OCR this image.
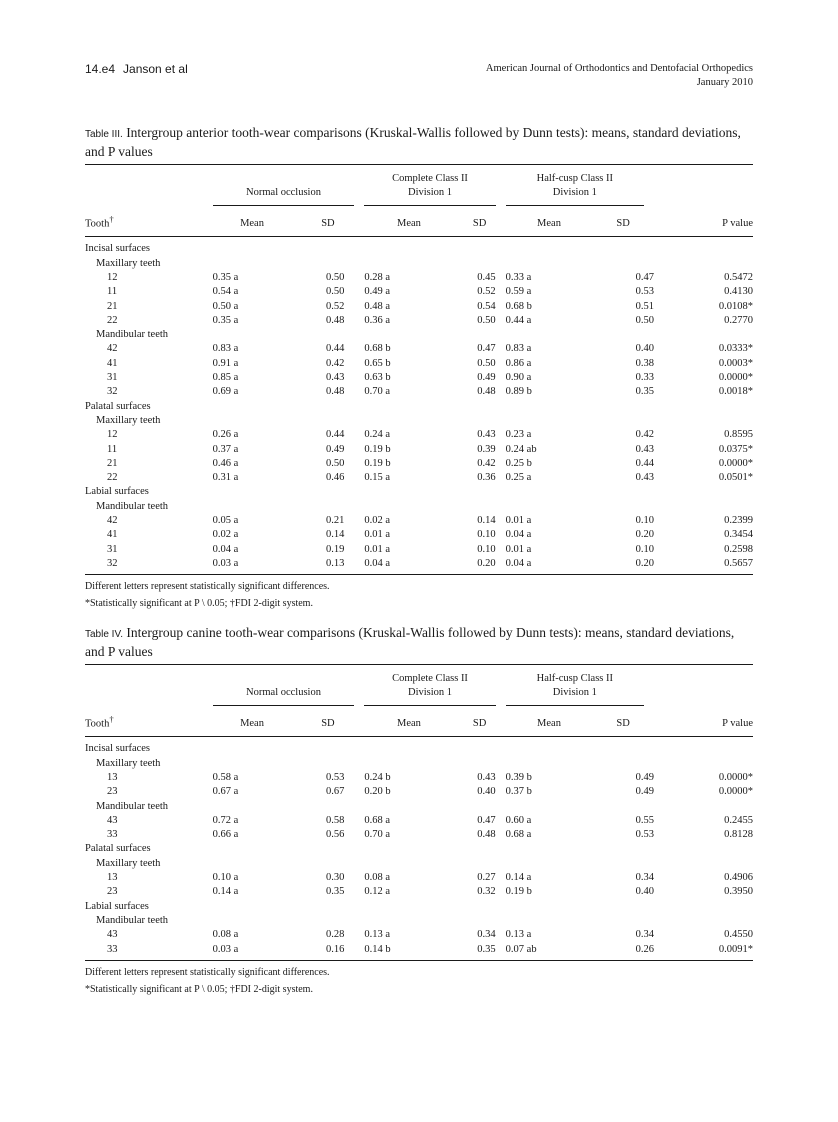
14.e4 Janson et al	American Journal of Orthodontics and Dentofacial Orthopedics
January 2010
Table III. Intergroup anterior tooth-wear comparisons (Kruskal-Wallis followed by Dunn tests): means, standard deviations, and P values

	Normal occlusion		Complete Class II
Division 1		Half-cusp Class II
Division 1		

Tooth†	Mean	SD	Mean	SD	Mean	SD	P value
Incisal surfaces							
Maxillary teeth							
12	0.35 a	0.50	0.28 a	0.45	0.33 a	0.47	0.5472
11	0.54 a	0.50	0.49 a	0.52	0.59 a	0.53	0.4130
21	0.50 a	0.52	0.48 a	0.54	0.68 b	0.51	0.0108*
22	0.35 a	0.48	0.36 a	0.50	0.44 a	0.50	0.2770
Mandibular teeth							
42	0.83 a	0.44	0.68 b	0.47	0.83 a	0.40	0.0333*
41	0.91 a	0.42	0.65 b	0.50	0.86 a	0.38	0.0003*
31	0.85 a	0.43	0.63 b	0.49	0.90 a	0.33	0.0000*
32	0.69 a	0.48	0.70 a	0.48	0.89 b	0.35	0.0018*
Palatal surfaces							
Maxillary teeth							
12	0.26 a	0.44	0.24 a	0.43	0.23 a	0.42	0.8595
11	0.37 a	0.49	0.19 b	0.39	0.24 ab	0.43	0.0375*
21	0.46 a	0.50	0.19 b	0.42	0.25 b	0.44	0.0000*
22	0.31 a	0.46	0.15 a	0.36	0.25 a	0.43	0.0501*
Labial surfaces							
Mandibular teeth							
42	0.05 a	0.21	0.02 a	0.14	0.01 a	0.10	0.2399
41	0.02 a	0.14	0.01 a	0.10	0.04 a	0.20	0.3454
31	0.04 a	0.19	0.01 a	0.10	0.01 a	0.10	0.2598
32	0.03 a	0.13	0.04 a	0.20	0.04 a	0.20	0.5657
Different letters represent statistically significant differences.
*Statistically significant at P \ 0.05; †FDI 2-digit system.
Table IV. Intergroup canine tooth-wear comparisons (Kruskal-Wallis followed by Dunn tests): means, standard deviations, and P values

	Normal occlusion		Complete Class II
Division 1		Half-cusp Class II
Division 1		

Tooth†	Mean	SD	Mean	SD	Mean	SD	P value
Incisal surfaces							
Maxillary teeth							
13	0.58 a	0.53	0.24 b	0.43	0.39 b	0.49	0.0000*
23	0.67 a	0.67	0.20 b	0.40	0.37 b	0.49	0.0000*
Mandibular teeth							
43	0.72 a	0.58	0.68 a	0.47	0.60 a	0.55	0.2455
33	0.66 a	0.56	0.70 a	0.48	0.68 a	0.53	0.8128
Palatal surfaces							
Maxillary teeth							
13	0.10 a	0.30	0.08 a	0.27	0.14 a	0.34	0.4906
23	0.14 a	0.35	0.12 a	0.32	0.19 b	0.40	0.3950
Labial surfaces							
Mandibular teeth							
43	0.08 a	0.28	0.13 a	0.34	0.13 a	0.34	0.4550
33	0.03 a	0.16	0.14 b	0.35	0.07 ab	0.26	0.0091*
Different letters represent statistically significant differences.
*Statistically significant at P \ 0.05; †FDI 2-digit system.
